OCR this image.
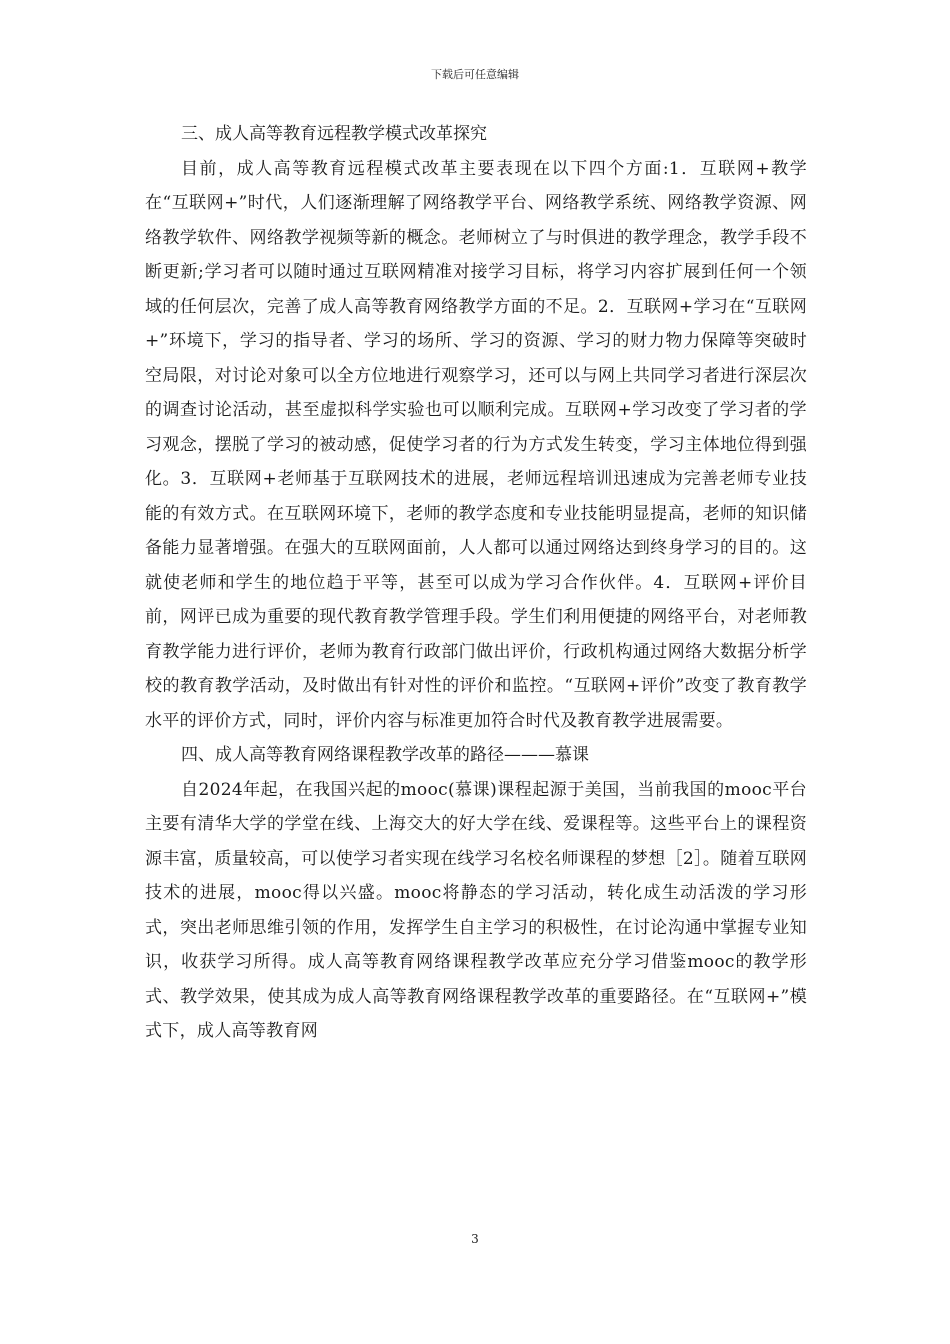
下载后可任意编辑

三、成人高等教育远程教学模式改革探究

目前，成人高等教育远程模式改革主要表现在以下四个方面:1．互联网+教学在“互联网+”时代，人们逐渐理解了网络教学平台、网络教学系统、网络教学资源、网络教学软件、网络教学视频等新的概念。老师树立了与时俱进的教学理念，教学手段不断更新;学习者可以随时通过互联网精准对接学习目标，将学习内容扩展到任何一个领域的任何层次，完善了成人高等教育网络教学方面的不足。2．互联网+学习在“互联网+”环境下，学习的指导者、学习的场所、学习的资源、学习的财力物力保障等突破时空局限，对讨论对象可以全方位地进行观察学习，还可以与网上共同学习者进行深层次的调查讨论活动，甚至虚拟科学实验也可以顺利完成。互联网+学习改变了学习者的学习观念，摆脱了学习的被动感，促使学习者的行为方式发生转变，学习主体地位得到强化。3．互联网+老师基于互联网技术的进展，老师远程培训迅速成为完善老师专业技能的有效方式。在互联网环境下，老师的教学态度和专业技能明显提高，老师的知识储备能力显著增强。在强大的互联网面前，人人都可以通过网络达到终身学习的目的。这就使老师和学生的地位趋于平等，甚至可以成为学习合作伙伴。4．互联网+评价目前，网评已成为重要的现代教育教学管理手段。学生们利用便捷的网络平台，对老师教育教学能力进行评价，老师为教育行政部门做出评价，行政机构通过网络大数据分析学校的教育教学活动，及时做出有针对性的评价和监控。“互联网+评价”改变了教育教学水平的评价方式，同时，评价内容与标准更加符合时代及教育教学进展需要。

四、成人高等教育网络课程教学改革的路径———慕课

自2024年起，在我国兴起的mooc(慕课)课程起源于美国，当前我国的mooc平台主要有清华大学的学堂在线、上海交大的好大学在线、爱课程等。这些平台上的课程资源丰富，质量较高，可以使学习者实现在线学习名校名师课程的梦想［2］。随着互联网技术的进展，mooc得以兴盛。mooc将静态的学习活动，转化成生动活泼的学习形式，突出老师思维引领的作用，发挥学生自主学习的积极性，在讨论沟通中掌握专业知识，收获学习所得。成人高等教育网络课程教学改革应充分学习借鉴mooc的教学形式、教学效果，使其成为成人高等教育网络课程教学改革的重要路径。在“互联网+”模式下，成人高等教育网

3
